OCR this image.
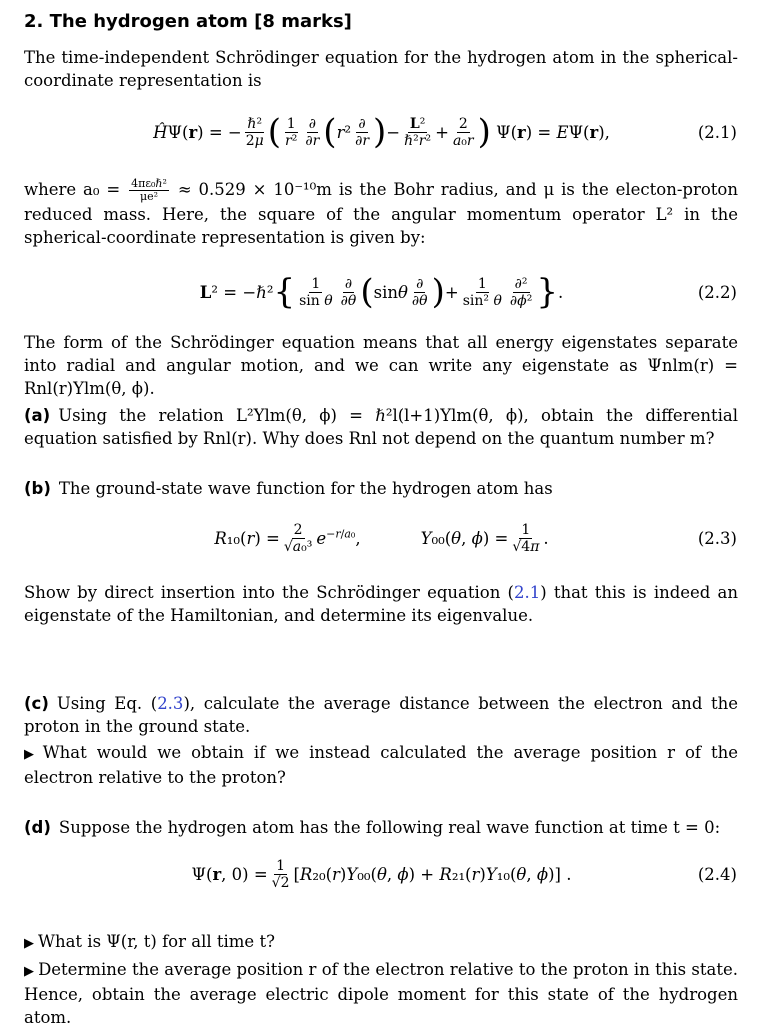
2. The hydrogen atom [8 marks]
The time-independent Schrödinger equation for the hydrogen atom in the spherical-coordinate representation is
ĤΨ(r) = − $\frac{\text{ℏ²}}{2\mu}$ ( $\frac{1}{\text{r²}} \frac{\partial}{\partial r}$ ( r $^2 \frac{\partial}{\partial r}$ ) − $\frac{\text{L²}}{\text{ℏ²r²}} + \frac{2}{\text{a₀r}}$ ) Ψ(r) = EΨ(r),	(2.1)
where $a_0 = \frac{\text{4πε₀ℏ²}}{\text{μe²}} \approx 0.529 \times 10^{-10}m$ is the Bohr radius, and μ is the electon-proton reduced mass. Here, the square of the angular momentum operator L² in the spherical-coordinate representation is given by:
L² = −ℏ² { $\frac{1}{\text{sin θ}} \frac{\partial}{\partial\theta}$ ( sin θ $\frac{\partial}{\partial\theta}$ ) + $\frac{1}{\text{sin² θ}} \frac{\text{∂²}}{\text{∂ϕ²}}$ } .	(2.2)
The form of the Schrödinger equation means that all energy eigenstates separate into radial and angular motion, and we can write any eigenstate as Ψnlm(r) = Rnl(r)Ylm(θ, ϕ).
(a) Using the relation L²Ylm(θ, ϕ) = ℏ²l(l+1)Ylm(θ, ϕ), obtain the differential equation satisfied by Rnl(r). Why does Rnl not depend on the quantum number m?
(b) The ground-state wave function for the hydrogen atom has
$R_{10}(r) = \frac{2}{\text{√a₀³}} e^{-r/a_0}$,	Y₀₀(θ, $\phi) = \frac{1}{√4\pi}$ .	(2.3)
Show by direct insertion into the Schrödinger equation (2.1) that this is indeed an eigenstate of the Hamiltonian, and determine its eigenvalue.
(c) Using Eq. (2.3), calculate the average distance between the electron and the proton in the ground state.
▶ What would we obtain if we instead calculated the average position r of the electron relative to the proton?
(d) Suppose the hydrogen atom has the following real wave function at time t = 0:
Ψ(r, $0) = \frac{1}{√2} [R_{20}(r)Y_{00}(\theta$, ϕ) + R₂₁(r)Y₁₀(θ, ϕ)] .	(2.4)
▶ What is Ψ(r, t) for all time t?
▶ Determine the average position r of the electron relative to the proton in this state. Hence, obtain the average electric dipole moment for this state of the hydrogen atom.
